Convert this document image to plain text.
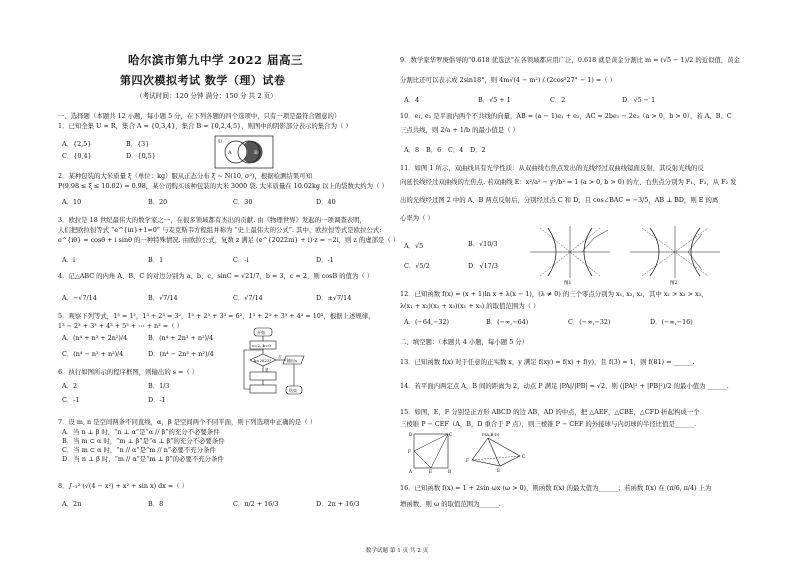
哈尔滨市第九中学 2022 届高三
第四次模拟考试 数学（理）试卷
（考试时间：120 分钟 满分：150 分 共 2 页）
一、选择题（本题共 12 小题，每小题 5 分，在下列各题的四个选项中，只有一项是最符合题意的）
1．已知全集 U = R，集合 A = {0,3,4}，集合 B = {0,2,4,5}，则图中的阴影部分表示的集合为（ ）
U
A	B
A．{2,5}	B．{3}
C．{0,4}	D．{0,5}
2．某种包装的大米质量 ξ（单位：kg）服从正态分布 ξ ~ N(10, σ²)，根据检测结果可知
P(9.98 ≤ ξ ≤ 10.02) = 0.98，某公司购买该种包装的大米 3000 袋. 大米质量在 10.02kg 以上的袋数大约为（ ）
A．10	B．20	C．30	D．40
3．欧拉是 18 世纪最伟大的数学家之一，在很多领域都有杰出的贡献. 由《物理世界》发起的一项调查表明，
人们把欧拉恒等式 “e^{iπ}+1=0” 与麦克斯韦方程组并称为 “史上最伟大的公式”. 其中，欧拉恒等式是欧拉公式:
e^{iθ} = cosθ + i sinθ 的一种特殊情况. 由欧拉公式，复数 z 满足 (e^{2022πi} + i)·z = −2i，则 z 的虚部是（ ）
A．i	B．1	C．-i	D．-1
4．记△ABC 的内角 A、B、C 的对边分别为 a、b、c，sinC = √21/7，b = 3，c = 2，则 cosB 的值为（ ）
A．−√7/14	B．√7/14	C．√7/14	D．±√7/14
5．观察下列等式，1³ = 1²，1³ + 2³ = 3²，1³ + 2³ + 3³ = 6²，1³ + 2³ + 3³ + 4³ = 10²，根据上述规律，
1³ − 2³ + 3³ + 4³ + 5³ + ⋯ + n³ =（ ）
A．(n⁴ + n³ + 2n²)/4	B．(n⁴ + 2n³ + n²)/4
C．(n⁴ − n³ + n²)/4	D．(n⁴ − 2n³ + n²)/4
开始
s=2, k=0
k<2022?
否
输出s
是
结束
6．执行如图所示的程序框图，则输出的 s =（ ）
A．2	B．1/3
C．-1	D．-1
7．设 m, n 是空间两条不同直线，α，β 是空间两个不同平面，则下列选项中正确的是（ ）
A．当 n ⊥ β 时，“n ⊥ α”是“α // β”的充分不必要条件
B．当 m ⊂ α 时，“m ⊥ β”是“α ⊥ β”的充分不必要条件
C．当 m ⊂ α 时，“n // α”是“m // n”必要不充分条件
D．当 n ⊥ β 时，“m // α”是“m ⊥ β”的必要不充分条件
8．∫₋₂² (√(4 − x²) + x² + sin x) dx =（ ）
A．2π	B．8	C．π/2 + 16/3	D．2π + 16/3
9．数学家华罗庚倡导的“0.618 优选法”在各领域都应用广泛，0.618 就是黄金分割比 m = (√5 − 1)/2 的近似值，黄金
分割比还可以表示成 2sin18°，则 4m√(4 − m²) / (2cos²27° − 1) =（ ）
A．4	B．√5 + 1	C．2	D．√5 − 1
10．e₁, e₂ 是平面内两个不共线的向量，AB = (a − 1)e₁ + e₂，AC = 2be₁ − 2e₂（a > 0，b > 0），若 A、B、C
三点共线，则 2/a + 1/b 的最小值是（ ）
A．8 B．6 C．4 D．2
11．如图 1 所示，双曲线具有光学性质：从双曲线右焦点发出的光线经过双曲线镜面反射，其反射光线的反
向延长线经过双曲线的左焦点. 若双曲线 E：x²/a² − y²/b² = 1 (a > 0, b > 0) 的左、右焦点分别为 F₁、F₂，从 F₂ 发
出的光线经过图 2 中的 A、B 两点反射后，分别经过点 C 和 D，且 cos∠BAC = −3/5，AB ⊥ BD，则 E 的离
心率为（ ）
A．√5	B．√10/3
C．√5/2	D．√17/3
图1	图2
12．已知函数 f(x) = (x + 1)ln x + λ(x − 1)，(λ ≠ 0) 的三个零点分别为 x₁, x₂, x₃，其中 x₁ > x₂ > x₃，
λ(x₁ + x₂)(x₂ + x₃)(x₁ + x₃) 的取值范围为（ ）
A．(−64,−32)	B．(−∞,−64)	C．(−∞,−32)	D．(−∞,−16)
二、填空题：（本题共 4 小题，每小题 5 分）
13．已知函数 f(x) 对于任意的正实数 x，y 满足 f(xy) = f(x) + f(y)，且 f(3) = 1，则 f(81) = ______.
14．若平面内两定点 A，B 间的距离为 2，动点 P 满足 |PA|/|PB| = √2，则 (|PA|² + |PB|²)/2 的最小值为 ______.
15．如图，E，F 分别是正方形 ABCD 的边 AB，AD 的中点，把 △AEF，△CBE，△CFD 折起构成一个
三棱锥 P − CEF（A，B，D 重合于 P 点），则三棱锥 P − CEF 的外接球与内切球的半径比值是______.
D
F
A	E	B
C	P(A,B,D)
F
E
C
16．已知函数 f(x) = 1 + 2sin ωx (ω > 0)，则函数 f(x) 的最大值为______；若函数 f(x) 在 (π/6, π/4) 上为
增函数，则 ω 的取值范围为______.
数学试题 第 1 页 共 2 页
